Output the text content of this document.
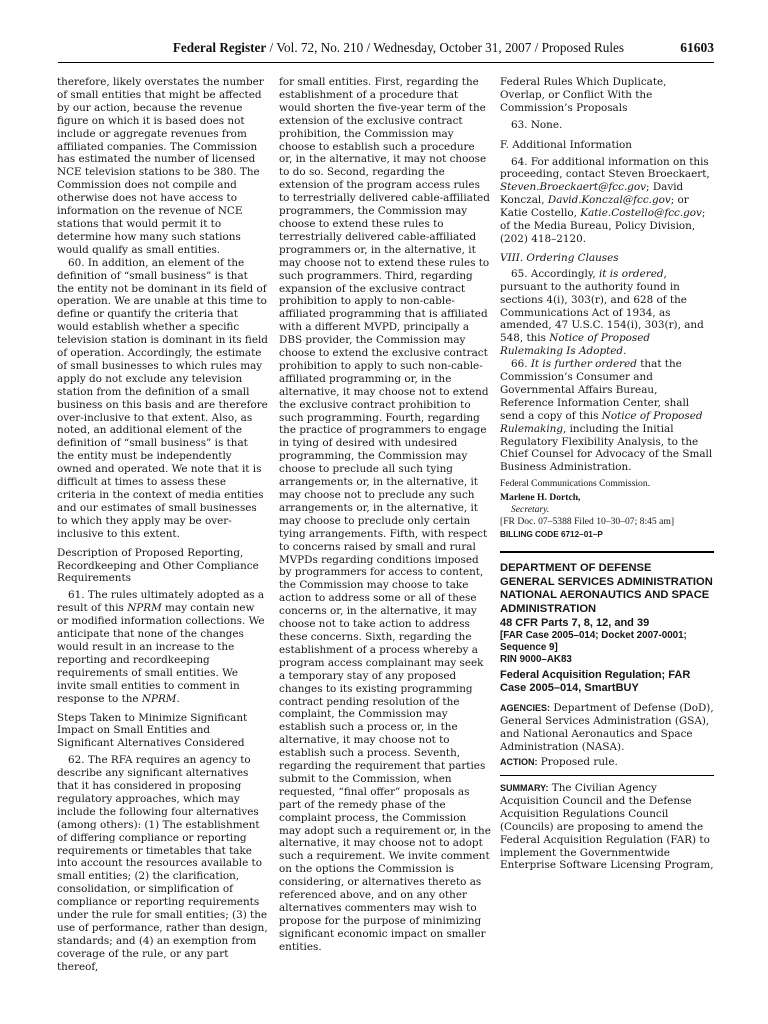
Federal Register / Vol. 72, No. 210 / Wednesday, October 31, 2007 / Proposed Rules	61603

therefore, likely overstates the number of small entities that might be affected by our action, because the revenue figure on which it is based does not include or aggregate revenues from affiliated companies. The Commission has estimated the number of licensed NCE television stations to be 380. The Commission does not compile and otherwise does not have access to information on the revenue of NCE stations that would permit it to determine how many such stations would qualify as small entities.

60. In addition, an element of the definition of “small business” is that the entity not be dominant in its field of operation. We are unable at this time to define or quantify the criteria that would establish whether a specific television station is dominant in its field of operation. Accordingly, the estimate of small businesses to which rules may apply do not exclude any television station from the definition of a small business on this basis and are therefore over-inclusive to that extent. Also, as noted, an additional element of the definition of “small business” is that the entity must be independently owned and operated. We note that it is difficult at times to assess these criteria in the context of media entities and our estimates of small businesses to which they apply may be over-inclusive to this extent.

Description of Proposed Reporting, Recordkeeping and Other Compliance Requirements

61. The rules ultimately adopted as a result of this NPRM may contain new or modified information collections. We anticipate that none of the changes would result in an increase to the reporting and recordkeeping requirements of small entities. We invite small entities to comment in response to the NPRM.

Steps Taken to Minimize Significant Impact on Small Entities and Significant Alternatives Considered

62. The RFA requires an agency to describe any significant alternatives that it has considered in proposing regulatory approaches, which may include the following four alternatives (among others): (1) The establishment of differing compliance or reporting requirements or timetables that take into account the resources available to small entities; (2) the clarification, consolidation, or simplification of compliance or reporting requirements under the rule for small entities; (3) the use of performance, rather than design, standards; and (4) an exemption from coverage of the rule, or any part thereof,

for small entities. First, regarding the establishment of a procedure that would shorten the five-year term of the extension of the exclusive contract prohibition, the Commission may choose to establish such a procedure or, in the alternative, it may not choose to do so. Second, regarding the extension of the program access rules to terrestrially delivered cable-affiliated programmers, the Commission may choose to extend these rules to terrestrially delivered cable-affiliated programmers or, in the alternative, it may choose not to extend these rules to such programmers. Third, regarding expansion of the exclusive contract prohibition to apply to non-cable-affiliated programming that is affiliated with a different MVPD, principally a DBS provider, the Commission may choose to extend the exclusive contract prohibition to apply to such non-cable-affiliated programming or, in the alternative, it may choose not to extend the exclusive contract prohibition to such programming. Fourth, regarding the practice of programmers to engage in tying of desired with undesired programming, the Commission may choose to preclude all such tying arrangements or, in the alternative, it may choose not to preclude any such arrangements or, in the alternative, it may choose to preclude only certain tying arrangements. Fifth, with respect to concerns raised by small and rural MVPDs regarding conditions imposed by programmers for access to content, the Commission may choose to take action to address some or all of these concerns or, in the alternative, it may choose not to take action to address these concerns. Sixth, regarding the establishment of a process whereby a program access complainant may seek a temporary stay of any proposed changes to its existing programming contract pending resolution of the complaint, the Commission may establish such a process or, in the alternative, it may choose not to establish such a process. Seventh, regarding the requirement that parties submit to the Commission, when requested, “final offer” proposals as part of the remedy phase of the complaint process, the Commission may adopt such a requirement or, in the alternative, it may choose not to adopt such a requirement. We invite comment on the options the Commission is considering, or alternatives thereto as referenced above, and on any other alternatives commenters may wish to propose for the purpose of minimizing significant economic impact on smaller entities.

Federal Rules Which Duplicate, Overlap, or Conflict With the Commission’s Proposals

63. None.

F. Additional Information

64. For additional information on this proceeding, contact Steven Broeckaert, Steven.Broeckaert@fcc.gov; David Konczal, David.Konczal@fcc.gov; or Katie Costello, Katie.Costello@fcc.gov; of the Media Bureau, Policy Division, (202) 418–2120.

VIII. Ordering Clauses

65. Accordingly, it is ordered, pursuant to the authority found in sections 4(i), 303(r), and 628 of the Communications Act of 1934, as amended, 47 U.S.C. 154(i), 303(r), and 548, this Notice of Proposed Rulemaking Is Adopted.

66. It is further ordered that the Commission’s Consumer and Governmental Affairs Bureau, Reference Information Center, shall send a copy of this Notice of Proposed Rulemaking, including the Initial Regulatory Flexibility Analysis, to the Chief Counsel for Advocacy of the Small Business Administration.

Federal Communications Commission.
Marlene H. Dortch,
Secretary.
[FR Doc. 07–5388 Filed 10–30–07; 8:45 am]
BILLING CODE 6712–01–P

DEPARTMENT OF DEFENSE

GENERAL SERVICES ADMINISTRATION

NATIONAL AERONAUTICS AND SPACE ADMINISTRATION

48 CFR Parts 7, 8, 12, and 39

[FAR Case 2005–014; Docket 2007-0001; Sequence 9]

RIN 9000–AK83

Federal Acquisition Regulation; FAR Case 2005–014, SmartBUY

AGENCIES: Department of Defense (DoD), General Services Administration (GSA), and National Aeronautics and Space Administration (NASA).

ACTION: Proposed rule.

SUMMARY: The Civilian Agency Acquisition Council and the Defense Acquisition Regulations Council (Councils) are proposing to amend the Federal Acquisition Regulation (FAR) to implement the Governmentwide Enterprise Software Licensing Program,
